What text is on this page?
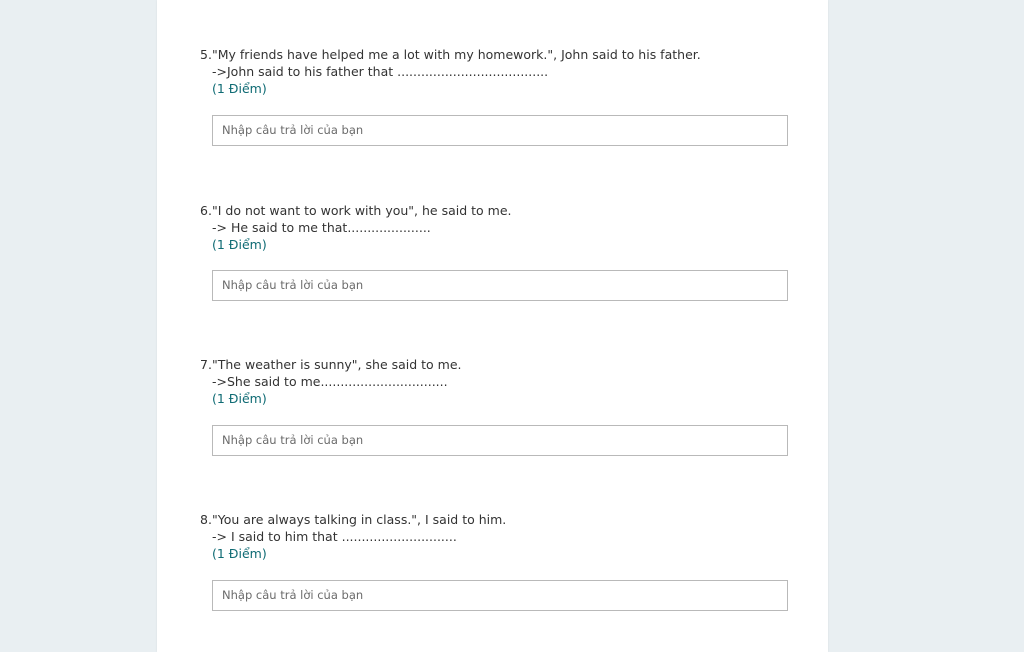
5."My friends have helped me a lot with my homework.", John said to his father.
->John said to his father that ......................................
(1 Điểm)
Nhập câu trả lời của bạn
6."I do not want to work with you", he said to me.
-> He said to me that.....................
(1 Điểm)
Nhập câu trả lời của bạn
7."The weather is sunny", she said to me.
->She said to me................................
(1 Điểm)
Nhập câu trả lời của bạn
8."You are always talking in class.", I said to him.
-> I said to him that .............................
(1 Điểm)
Nhập câu trả lời của bạn
